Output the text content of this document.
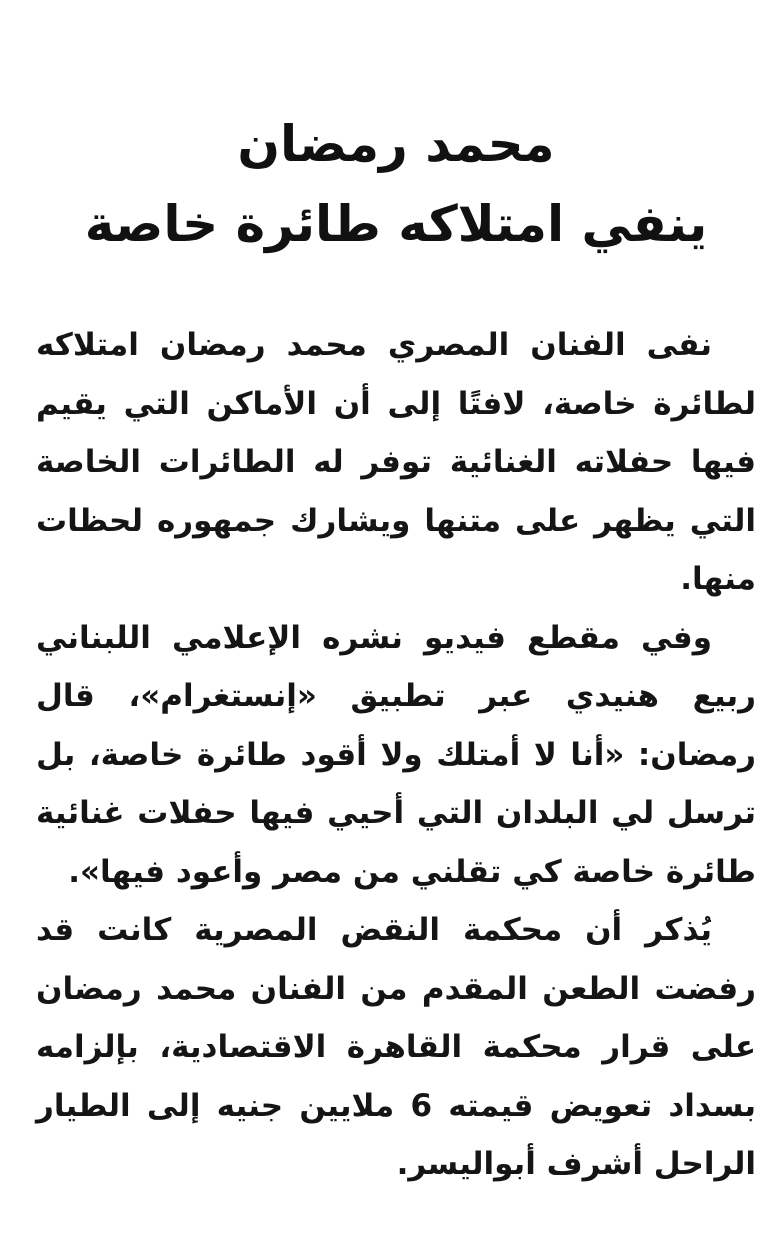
محمد رمضان
ينفي امتلاكه طائرة خاصة

نفى الفنان المصري محمد رمضان امتلاكه لطائرة خاصة، لافتًا إلى أن الأماكن التي يقيم فيها حفلاته الغنائية توفر له الطائرات الخاصة التي يظهر على متنها ويشارك جمهوره لحظات منها.

وفي مقطع فيديو نشره الإعلامي اللبناني ربيع هنيدي عبر تطبيق «إنستغرام»، قال رمضان: «أنا لا أمتلك ولا أقود طائرة خاصة، بل ترسل لي البلدان التي أحيي فيها حفلات غنائية طائرة خاصة كي تقلني من مصر وأعود فيها».

يُذكر أن محكمة النقض المصرية كانت قد رفضت الطعن المقدم من الفنان محمد رمضان على قرار محكمة القاهرة الاقتصادية، بإلزامه بسداد تعويض قيمته 6 ملايين جنيه إلى الطيار الراحل أشرف أبواليسر.
